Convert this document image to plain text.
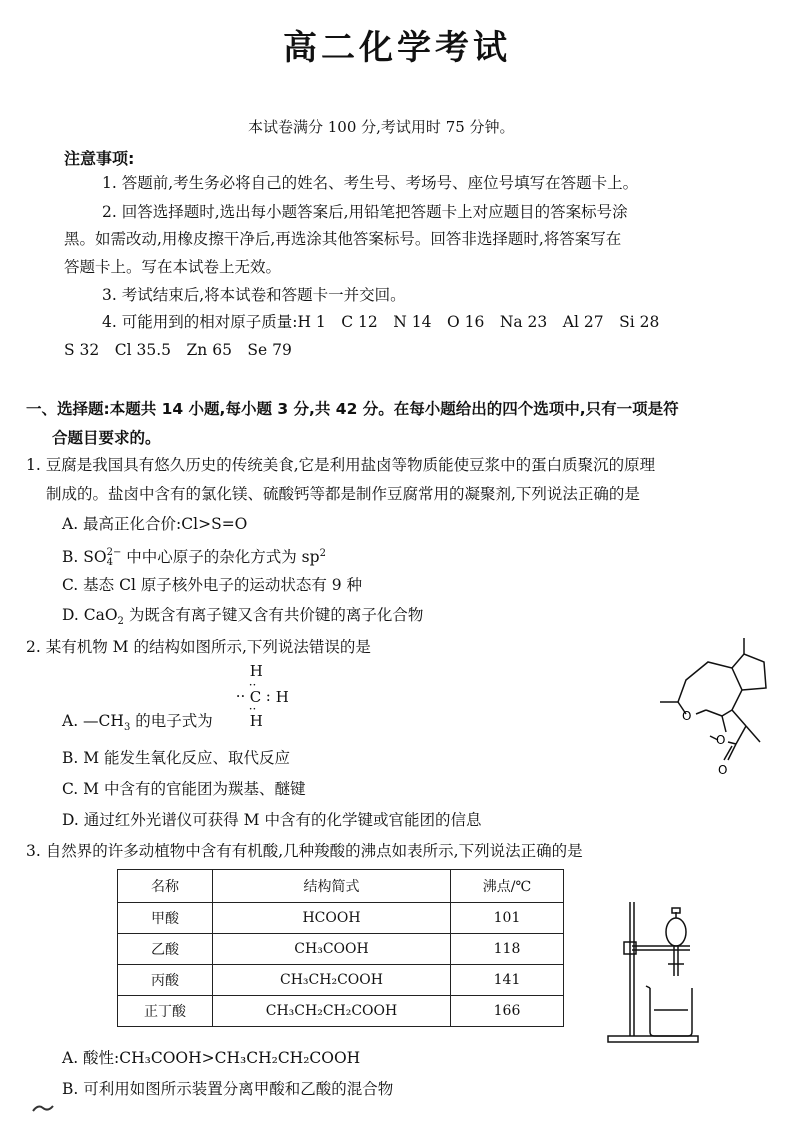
高二化学考试
本试卷满分 100 分,考试用时 75 分钟。
注意事项:
1. 答题前,考生务必将自己的姓名、考生号、考场号、座位号填写在答题卡上。
2. 回答选择题时,选出每小题答案后,用铅笔把答题卡上对应题目的答案标号涂
黑。如需改动,用橡皮擦干净后,再选涂其他答案标号。回答非选择题时,将答案写在
答题卡上。写在本试卷上无效。
3. 考试结束后,将本试卷和答题卡一并交回。
4. 可能用到的相对原子质量:H 1　C 12　N 14　O 16　Na 23　Al 27　Si 28
S 32　Cl 35.5　Zn 65　Se 79
一、选择题:本题共 14 小题,每小题 3 分,共 42 分。在每小题给出的四个选项中,只有一项是符
合题目要求的。
1. 豆腐是我国具有悠久历史的传统美食,它是利用盐卤等物质能使豆浆中的蛋白质聚沉的原理
制成的。盐卤中含有的氯化镁、硫酸钙等都是制作豆腐常用的凝聚剂,下列说法正确的是
A. 最高正化合价:Cl>S=O
B. SO 2−
4 中中心原子的杂化方式为 $sp^2$
C. 基态 Cl 原子核外电子的运动状态有 9 种
D. CaO$_2$ 为既含有离子键又含有共价键的离子化合物
2. 某有机物 M 的结构如图所示,下列说法错误的是
A. $—CH_3$ 的电子式为
H
··
·· C : H
··
H
B. M 能发生氧化反应、取代反应
C. M 中含有的官能团为羰基、醚键
D. 通过红外光谱仪可获得 M 中含有的化学键或官能团的信息
O
O
O
3. 自然界的许多动植物中含有有机酸,几种羧酸的沸点如表所示,下列说法正确的是
名称	结构简式	沸点/℃
甲酸	HCOOH	101
乙酸	CH₃COOH	118
丙酸	CH₃CH₂COOH	141
正丁酸	CH₃CH₂CH₂COOH	166
A. 酸性:CH₃COOH>CH₃CH₂CH₂COOH
B. 可利用如图所示装置分离甲酸和乙酸的混合物
